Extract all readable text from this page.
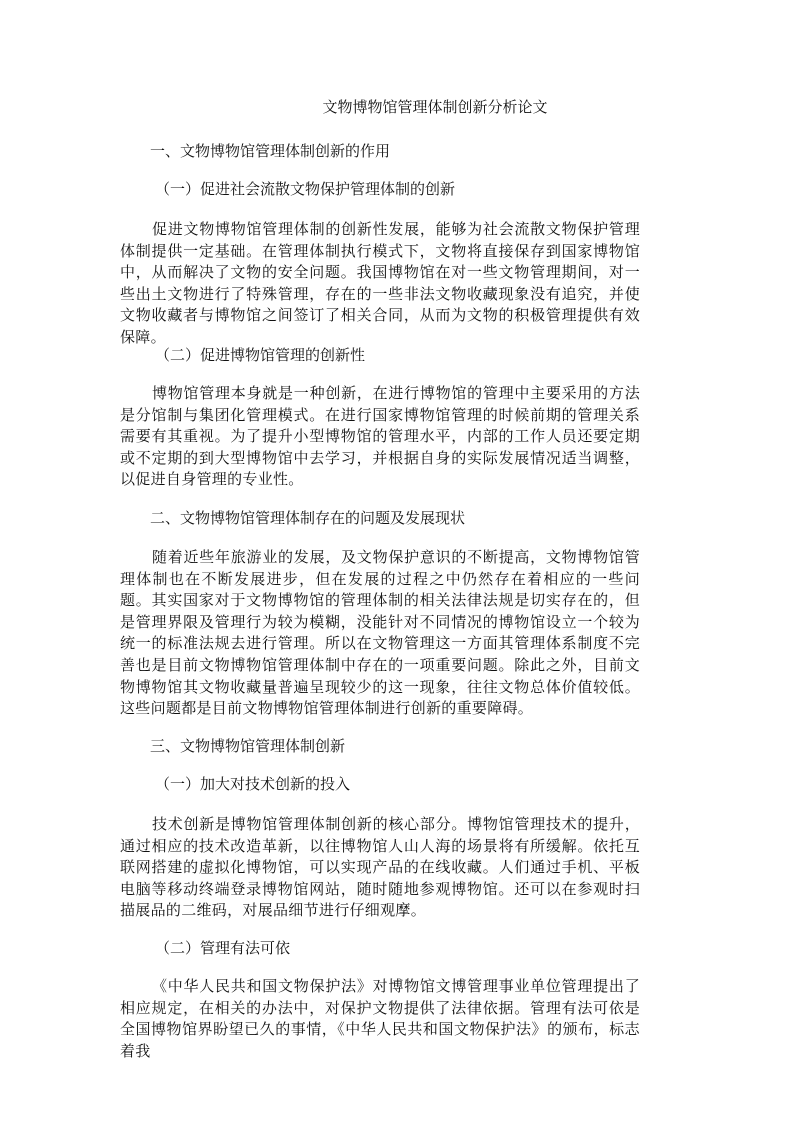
文物博物馆管理体制创新分析论文
一、文物博物馆管理体制创新的作用
（一）促进社会流散文物保护管理体制的创新
促进文物博物馆管理体制的创新性发展，能够为社会流散文物保护管理体制提供一定基础。在管理体制执行模式下，文物将直接保存到国家博物馆中，从而解决了文物的安全问题。我国博物馆在对一些文物管理期间，对一些出土文物进行了特殊管理，存在的一些非法文物收藏现象没有追究，并使文物收藏者与博物馆之间签订了相关合同，从而为文物的积极管理提供有效保障。
（二）促进博物馆管理的创新性
博物馆管理本身就是一种创新，在进行博物馆的管理中主要采用的方法是分馆制与集团化管理模式。在进行国家博物馆管理的时候前期的管理关系需要有其重视。为了提升小型博物馆的管理水平，内部的工作人员还要定期或不定期的到大型博物馆中去学习，并根据自身的实际发展情况适当调整，以促进自身管理的专业性。
二、文物博物馆管理体制存在的问题及发展现状
随着近些年旅游业的发展，及文物保护意识的不断提高，文物博物馆管理体制也在不断发展进步，但在发展的过程之中仍然存在着相应的一些问题。其实国家对于文物博物馆的管理体制的相关法律法规是切实存在的，但是管理界限及管理行为较为模糊，没能针对不同情况的博物馆设立一个较为统一的标准法规去进行管理。所以在文物管理这一方面其管理体系制度不完善也是目前文物博物馆管理体制中存在的一项重要问题。除此之外，目前文物博物馆其文物收藏量普遍呈现较少的这一现象，往往文物总体价值较低。这些问题都是目前文物博物馆管理体制进行创新的重要障碍。
三、文物博物馆管理体制创新
（一）加大对技术创新的投入
技术创新是博物馆管理体制创新的核心部分。博物馆管理技术的提升，通过相应的技术改造革新，以往博物馆人山人海的场景将有所缓解。依托互联网搭建的虚拟化博物馆，可以实现产品的在线收藏。人们通过手机、平板电脑等移动终端登录博物馆网站，随时随地参观博物馆。还可以在参观时扫描展品的二维码，对展品细节进行仔细观摩。
（二）管理有法可依
《中华人民共和国文物保护法》对博物馆文博管理事业单位管理提出了相应规定，在相关的办法中，对保护文物提供了法律依据。管理有法可依是全国博物馆界盼望已久的事情，《中华人民共和国文物保护法》的颁布，标志着我
